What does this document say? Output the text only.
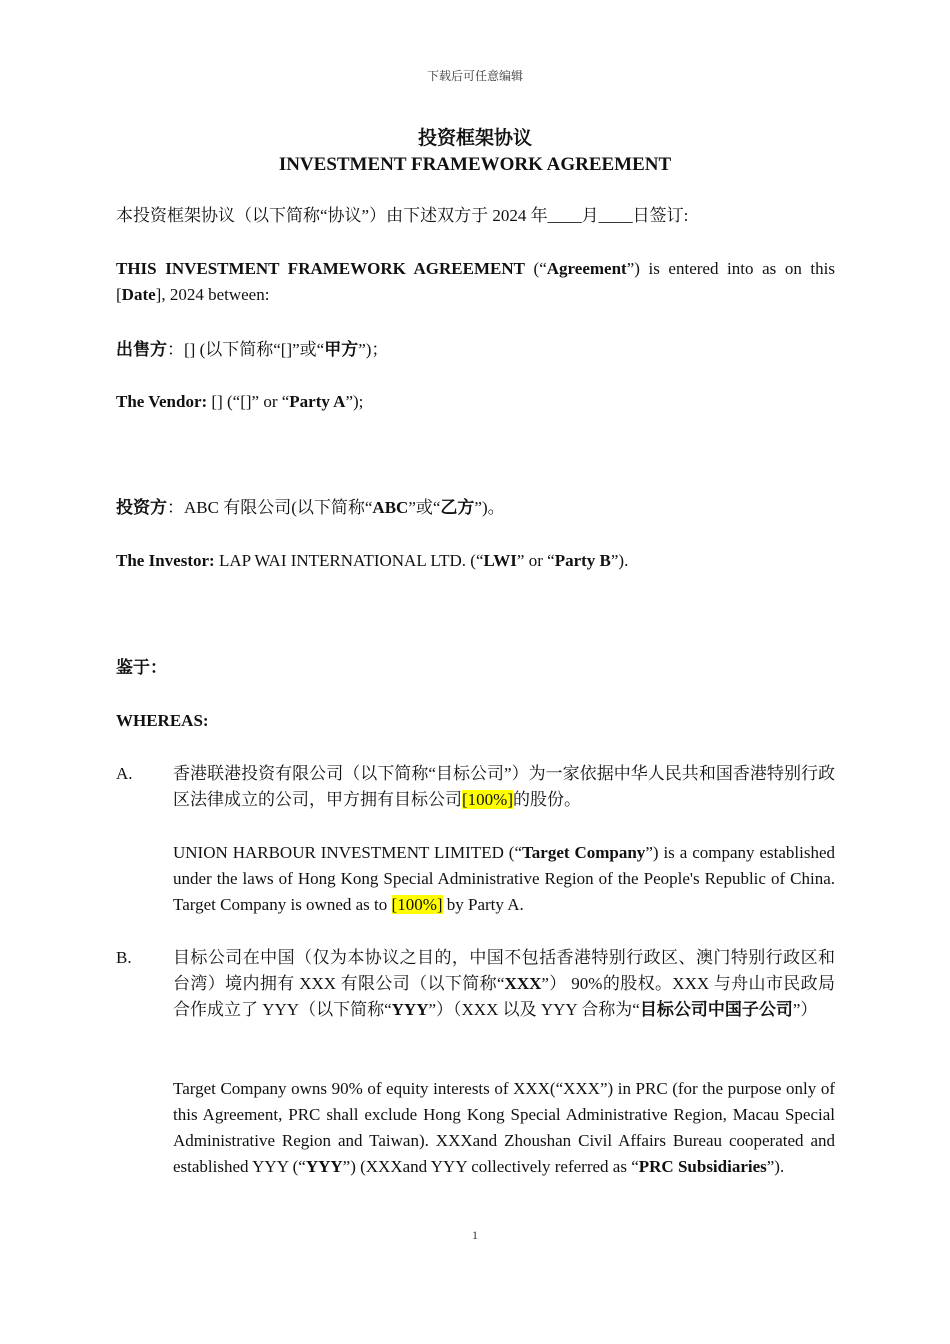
下载后可任意编辑
投资框架协议
INVESTMENT FRAMEWORK AGREEMENT
本投资框架协议（以下简称“协议”）由下述双方于 2024 年____月____日签订:
THIS INVESTMENT FRAMEWORK AGREEMENT (“Agreement”) is entered into as on this [Date], 2024 between:
出售方：[] (以下简称“[]”或“甲方”)；
The Vendor: [] (“[]” or “Party A”);
投资方：ABC 有限公司(以下简称“ABC”或“乙方”)。
The Investor: LAP WAI INTERNATIONAL LTD. (“LWI” or “Party B”).
鉴于：
WHEREAS:
A. 香港联港投资有限公司（以下简称“目标公司”）为一家依据中华人民共和国香港特别行政区法律成立的公司，甲方拥有目标公司[100%]的股份。
UNION HARBOUR INVESTMENT LIMITED (“Target Company”) is a company established under the laws of Hong Kong Special Administrative Region of the People's Republic of China. Target Company is owned as to [100%] by Party A.
B. 目标公司在中国（仅为本协议之目的，中国不包括香港特别行政区、澳门特别行政区和台湾）境内拥有 XXX 有限公司（以下简称“XXX”） 90%的股权。XXX 与舟山市民政局合作成立了 YYY（以下简称“YYY”）（XXX 以及 YYY 合称为“目标公司中国子公司”）
Target Company owns 90% of equity interests of XXX(“XXX”) in PRC (for the purpose only of this Agreement, PRC shall exclude Hong Kong Special Administrative Region, Macau Special Administrative Region and Taiwan). XXXand Zhoushan Civil Affairs Bureau cooperated and established YYY (“YYY”) (XXXand YYY collectively referred as “PRC Subsidiaries”).
1
